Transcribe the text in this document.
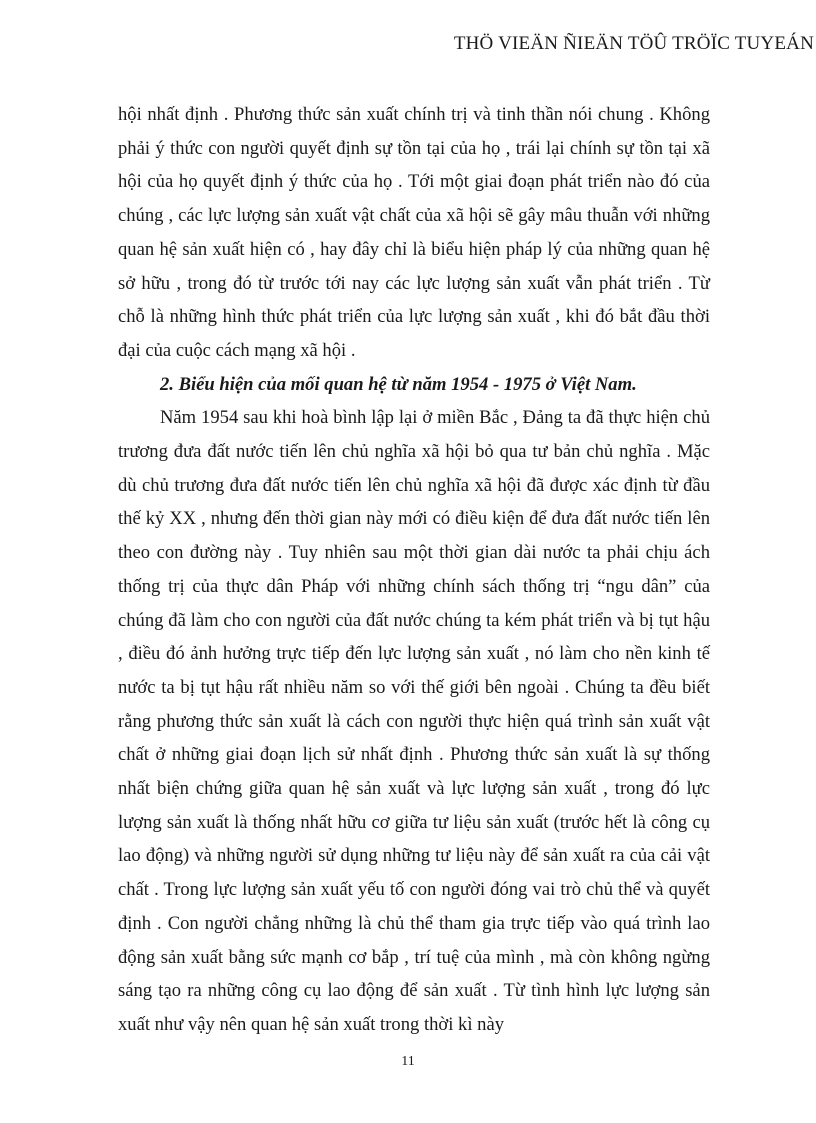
THÖ VIEÄN ÑIEÄN TÖÛ TRÖÏC TUYEÁN

hội nhất định . Phương thức sản xuất chính trị và tinh thần nói chung . Không phải ý thức con người quyết định sự tồn tại của họ , trái lại chính sự tồn tại xã hội của họ quyết định ý thức của họ . Tới một giai đoạn phát triển nào đó của chúng , các lực lượng sản xuất vật chất của xã hội sẽ gây mâu thuẫn với những quan hệ sản xuất hiện có , hay đây chỉ là biểu hiện pháp lý của những quan hệ sở hữu , trong đó từ trước tới nay các lực lượng sản xuất vẫn phát triển . Từ chỗ là những hình thức phát triển của lực lượng sản xuất , khi đó bắt đầu thời đại của cuộc cách mạng xã hội .

2. Biểu hiện của mối quan hệ từ năm 1954 - 1975 ở Việt Nam.

Năm 1954 sau khi hoà bình lập lại ở miền Bắc , Đảng ta đã thực hiện chủ trương đưa đất nước tiến lên chủ nghĩa xã hội bỏ qua tư bản chủ nghĩa . Mặc dù chủ trương đưa đất nước tiến lên chủ nghĩa xã hội đã được xác định từ đầu thế kỷ XX , nhưng đến thời gian này mới có điều kiện để đưa đất nước tiến lên theo con đường này . Tuy nhiên sau một thời gian dài nước ta phải chịu ách thống trị của thực dân Pháp với những chính sách thống trị “ngu dân” của chúng đã làm cho con người của đất nước chúng ta kém phát triển và bị tụt hậu , điều đó ảnh hưởng trực tiếp đến lực lượng sản xuất , nó làm cho nền kinh tế nước ta bị tụt hậu rất nhiều năm so với thế giới bên ngoài . Chúng ta đều biết rằng phương thức sản xuất là cách con người thực hiện quá trình sản xuất vật chất ở những giai đoạn lịch sử nhất định . Phương thức sản xuất là sự thống nhất biện chứng giữa quan hệ sản xuất và lực lượng sản xuất , trong đó lực lượng sản xuất là thống nhất hữu cơ giữa tư liệu sản xuất (trước hết là công cụ lao động) và những người sử dụng những tư liệu này để sản xuất ra của cải vật chất . Trong lực lượng sản xuất yếu tố con người đóng vai trò chủ thể và quyết định . Con người chẳng những là chủ thể tham gia trực tiếp vào quá trình lao động sản xuất bằng sức mạnh cơ bắp , trí tuệ của mình , mà còn không ngừng sáng tạo ra những công cụ lao động để sản xuất . Từ tình hình lực lượng sản xuất như vậy nên quan hệ sản xuất trong thời kì này

11
